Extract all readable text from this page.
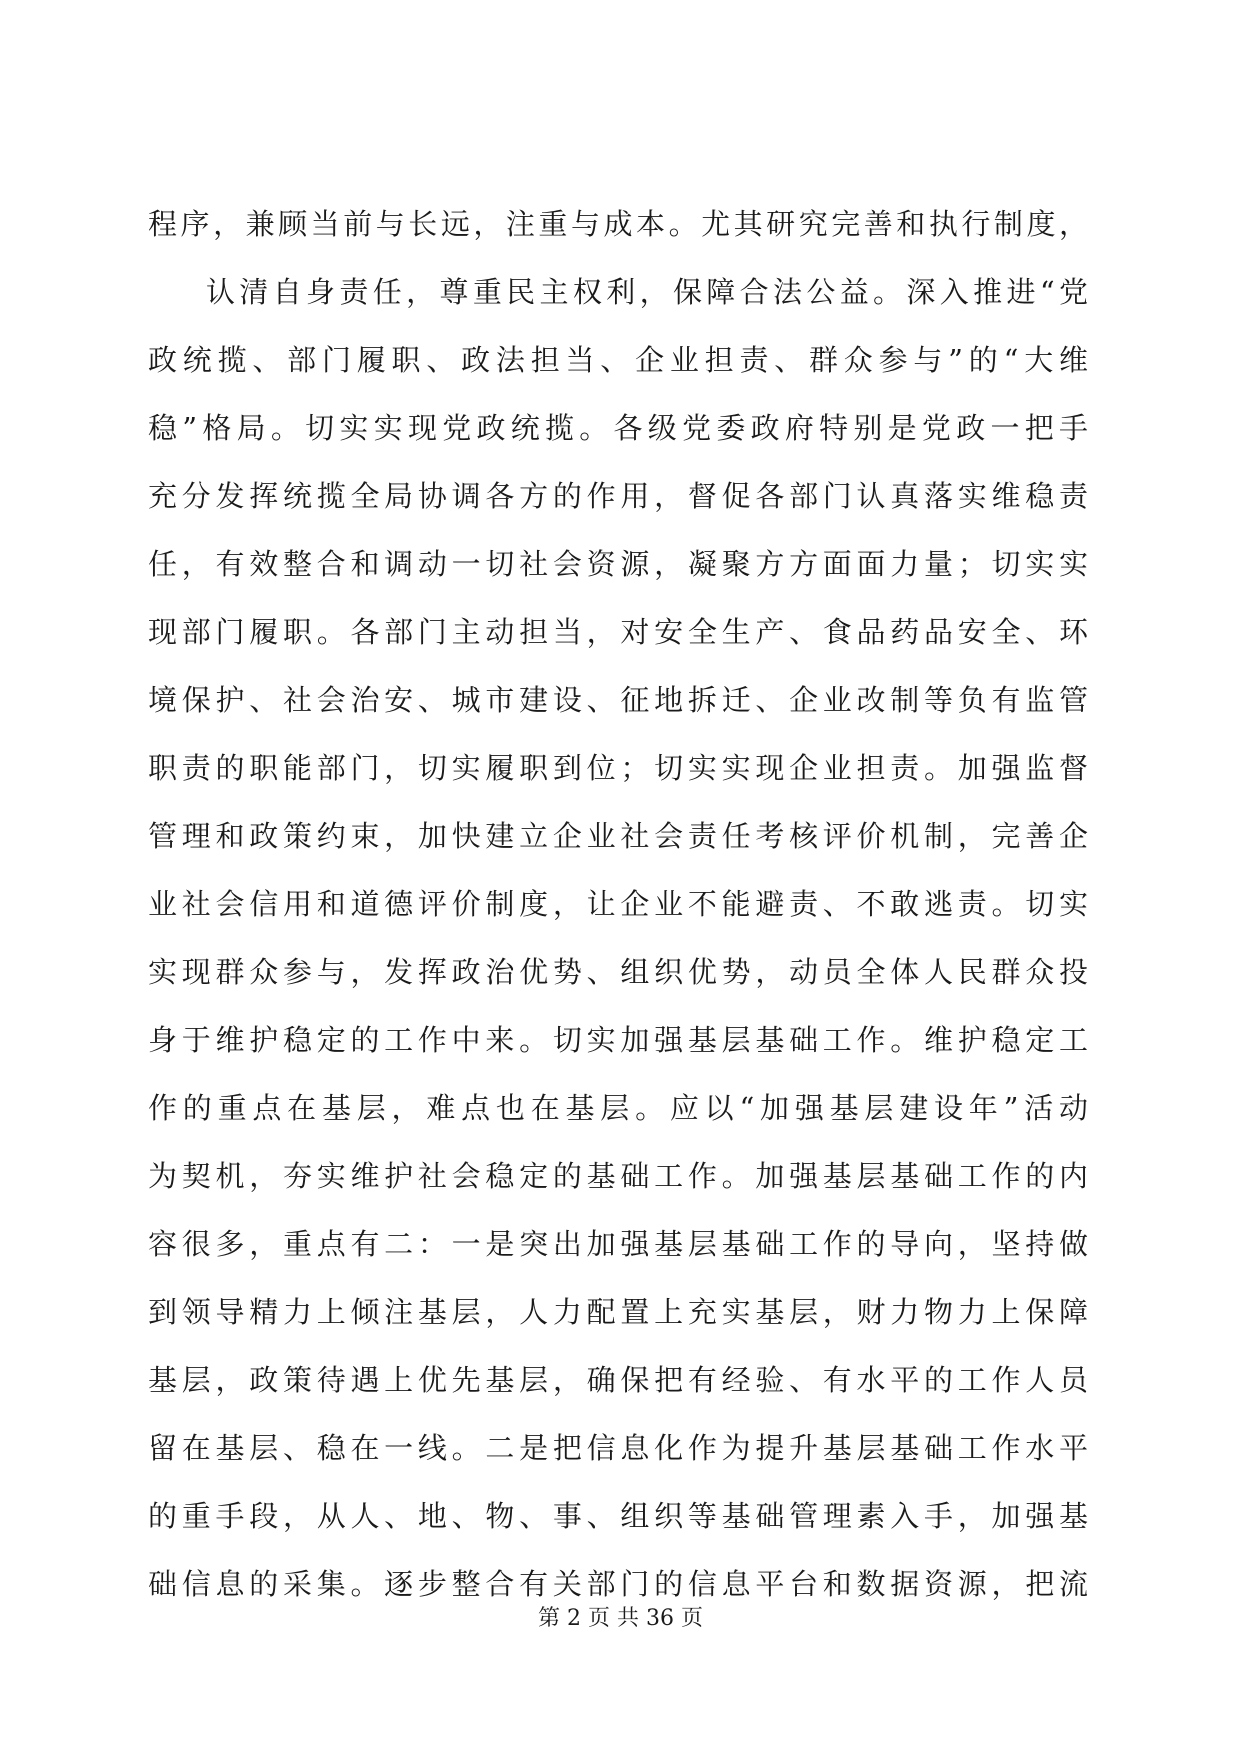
程序，兼顾当前与长远，注重与成本。尤其研究完善和执行制度，
认清自身责任，尊重民主权利，保障合法公益。深入推进“党
政统揽、部门履职、政法担当、企业担责、群众参与”的“大维
稳”格局。切实实现党政统揽。各级党委政府特别是党政一把手
充分发挥统揽全局协调各方的作用，督促各部门认真落实维稳责
任，有效整合和调动一切社会资源，凝聚方方面面力量；切实实
现部门履职。各部门主动担当，对安全生产、食品药品安全、环
境保护、社会治安、城市建设、征地拆迁、企业改制等负有监管
职责的职能部门，切实履职到位；切实实现企业担责。加强监督
管理和政策约束，加快建立企业社会责任考核评价机制，完善企
业社会信用和道德评价制度，让企业不能避责、不敢逃责。切实
实现群众参与，发挥政治优势、组织优势，动员全体人民群众投
身于维护稳定的工作中来。切实加强基层基础工作。维护稳定工
作的重点在基层，难点也在基层。应以“加强基层建设年”活动
为契机，夯实维护社会稳定的基础工作。加强基层基础工作的内
容很多，重点有二：一是突出加强基层基础工作的导向，坚持做
到领导精力上倾注基层，人力配置上充实基层，财力物力上保障
基层，政策待遇上优先基层，确保把有经验、有水平的工作人员
留在基层、稳在一线。二是把信息化作为提升基层基础工作水平
的重手段，从人、地、物、事、组织等基础管理素入手，加强基
础信息的采集。逐步整合有关部门的信息平台和数据资源，把流
第 2 页 共 36 页
